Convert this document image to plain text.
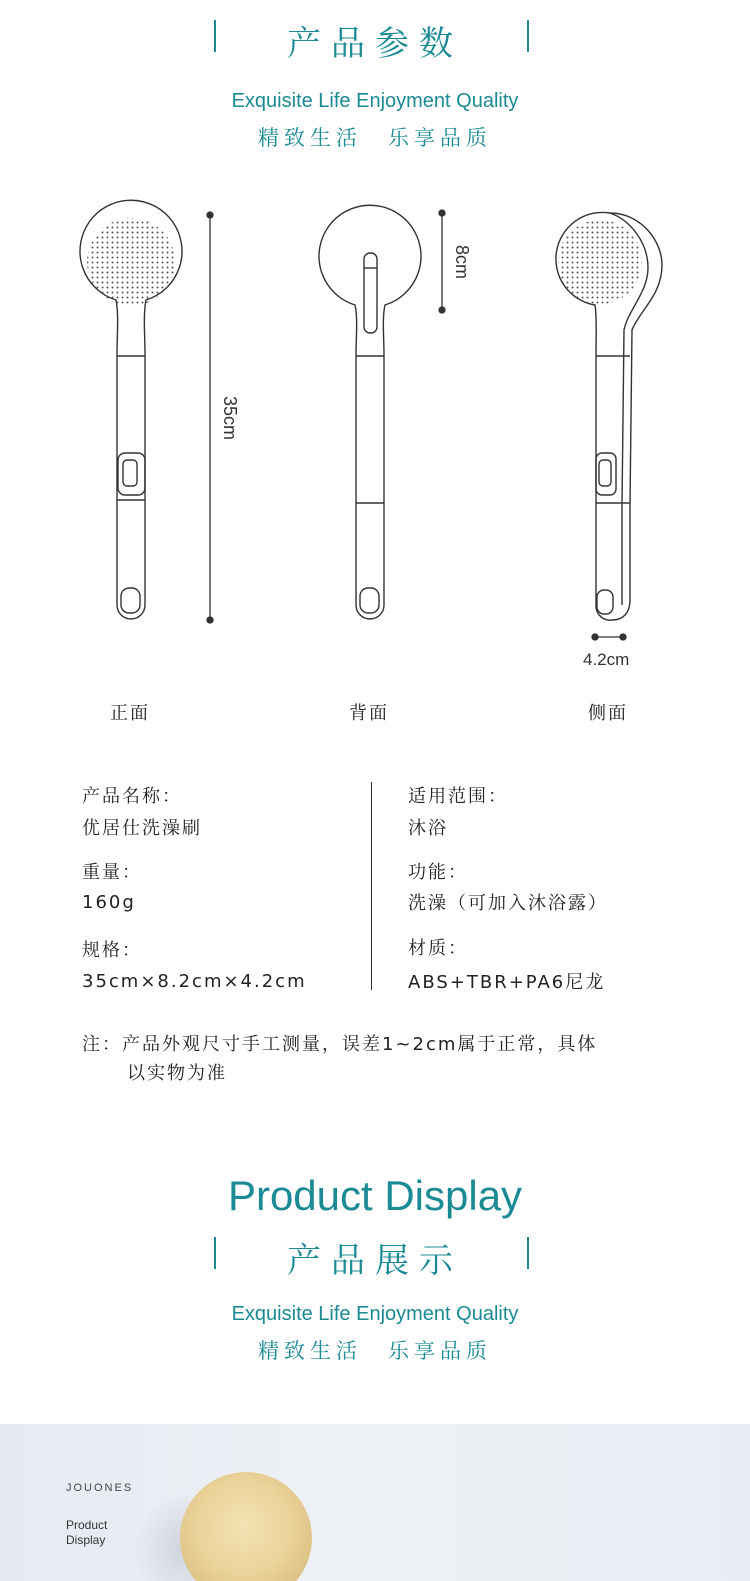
产品参数
Exquisite Life Enjoyment Quality
精致生活　乐享品质
35cm
8cm
4.2cm
正面	背面	侧面
产品名称：
优居仕洗澡刷
重量：
160g
规格：
35cm×8.2cm×4.2cm
适用范围：
沐浴
功能：
洗澡（可加入沐浴露）
材质：
ABS+TBR+PA6尼龙
注：产品外观尺寸手工测量，误差1~2cm属于正常，具体
以实物为准
Product Display
产品展示
Exquisite Life Enjoyment Quality
精致生活　乐享品质
JOUONES
Product
Display
